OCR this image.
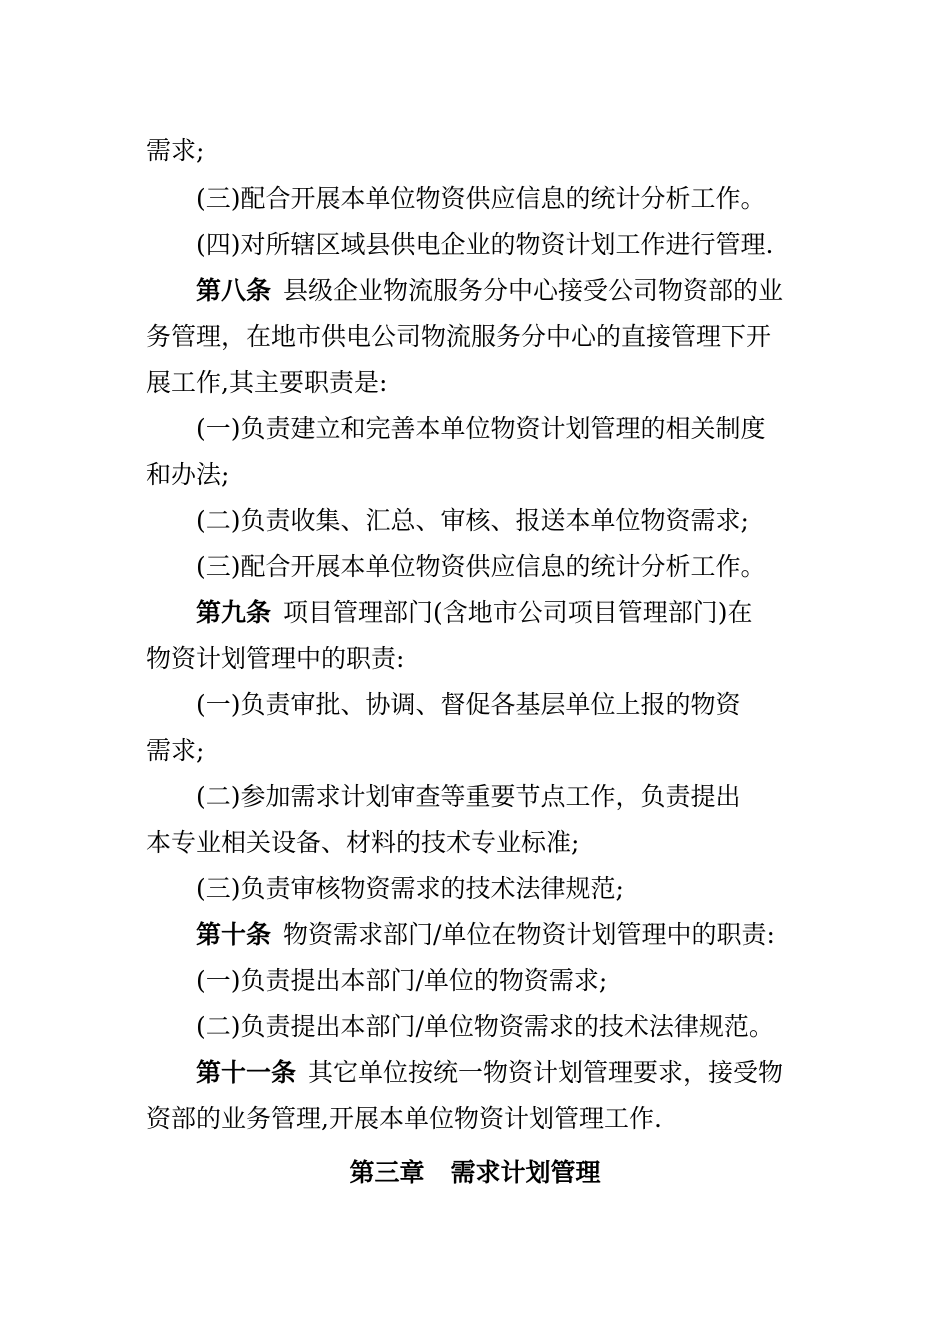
需求;
(三)配合开展本单位物资供应信息的统计分析工作。
(四)对所辖区域县供电企业的物资计划工作进行管理.
第八条 县级企业物流服务分中心接受公司物资部的业
务管理，在地市供电公司物流服务分中心的直接管理下开
展工作,其主要职责是:
(一)负责建立和完善本单位物资计划管理的相关制度
和办法;
(二)负责收集、汇总、审核、报送本单位物资需求;
(三)配合开展本单位物资供应信息的统计分析工作。
第九条 项目管理部门(含地市公司项目管理部门)在
物资计划管理中的职责:
(一)负责审批、协调、督促各基层单位上报的物资
需求;
(二)参加需求计划审查等重要节点工作，负责提出
本专业相关设备、材料的技术专业标准;
(三)负责审核物资需求的技术法律规范;
第十条 物资需求部门/单位在物资计划管理中的职责:
(一)负责提出本部门/单位的物资需求;
(二)负责提出本部门/单位物资需求的技术法律规范。
第十一条 其它单位按统一物资计划管理要求，接受物
资部的业务管理,开展本单位物资计划管理工作.
第三章 需求计划管理
